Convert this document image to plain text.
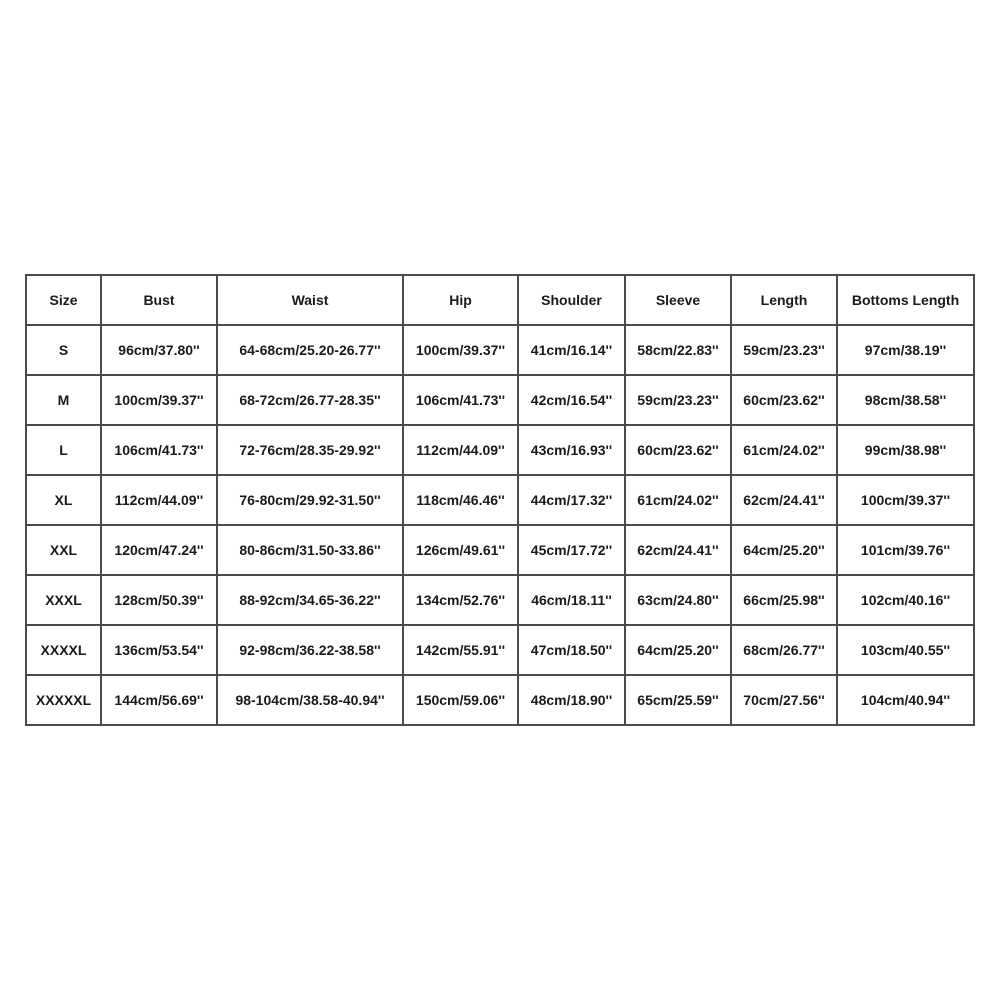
Size	Bust	Waist	Hip	Shoulder	Sleeve	Length	Bottoms Length
S	96cm/37.80''	64-68cm/25.20-26.77''	100cm/39.37''	41cm/16.14''	58cm/22.83''	59cm/23.23''	97cm/38.19''
M	100cm/39.37''	68-72cm/26.77-28.35''	106cm/41.73''	42cm/16.54''	59cm/23.23''	60cm/23.62''	98cm/38.58''
L	106cm/41.73''	72-76cm/28.35-29.92''	112cm/44.09''	43cm/16.93''	60cm/23.62''	61cm/24.02''	99cm/38.98''
XL	112cm/44.09''	76-80cm/29.92-31.50''	118cm/46.46''	44cm/17.32''	61cm/24.02''	62cm/24.41''	100cm/39.37''
XXL	120cm/47.24''	80-86cm/31.50-33.86''	126cm/49.61''	45cm/17.72''	62cm/24.41''	64cm/25.20''	101cm/39.76''
XXXL	128cm/50.39''	88-92cm/34.65-36.22''	134cm/52.76''	46cm/18.11''	63cm/24.80''	66cm/25.98''	102cm/40.16''
XXXXL	136cm/53.54''	92-98cm/36.22-38.58''	142cm/55.91''	47cm/18.50''	64cm/25.20''	68cm/26.77''	103cm/40.55''
XXXXXL	144cm/56.69''	98-104cm/38.58-40.94''	150cm/59.06''	48cm/18.90''	65cm/25.59''	70cm/27.56''	104cm/40.94''
